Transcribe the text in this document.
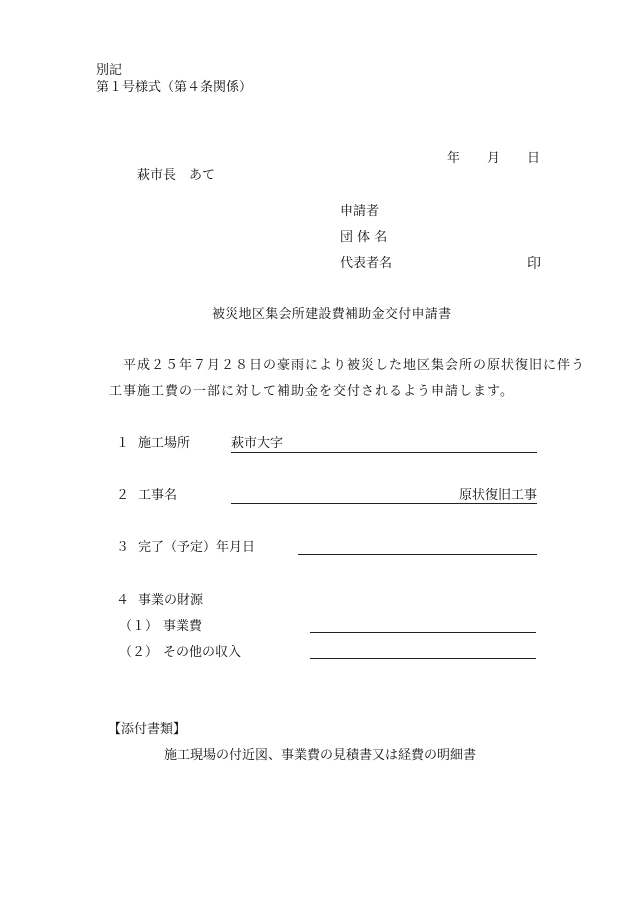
別記
第１号様式（第４条関係）
年 月 日
萩市長　あて
申請者
団 体 名
代表者名	印
被災地区集会所建設費補助金交付申請書
平成２５年７月２８日の豪雨により被災した地区集会所の原状復旧に伴う
工事施工費の一部に対して補助金を交付されるよう申請します。
１ 施工場所	萩市大字
２ 工事名	原状復旧工事
３ 完了（予定）年月日
４ 事業の財源
（１） 事業費
（２） その他の収入
【添付書類】
施工現場の付近図、事業費の見積書又は経費の明細書
